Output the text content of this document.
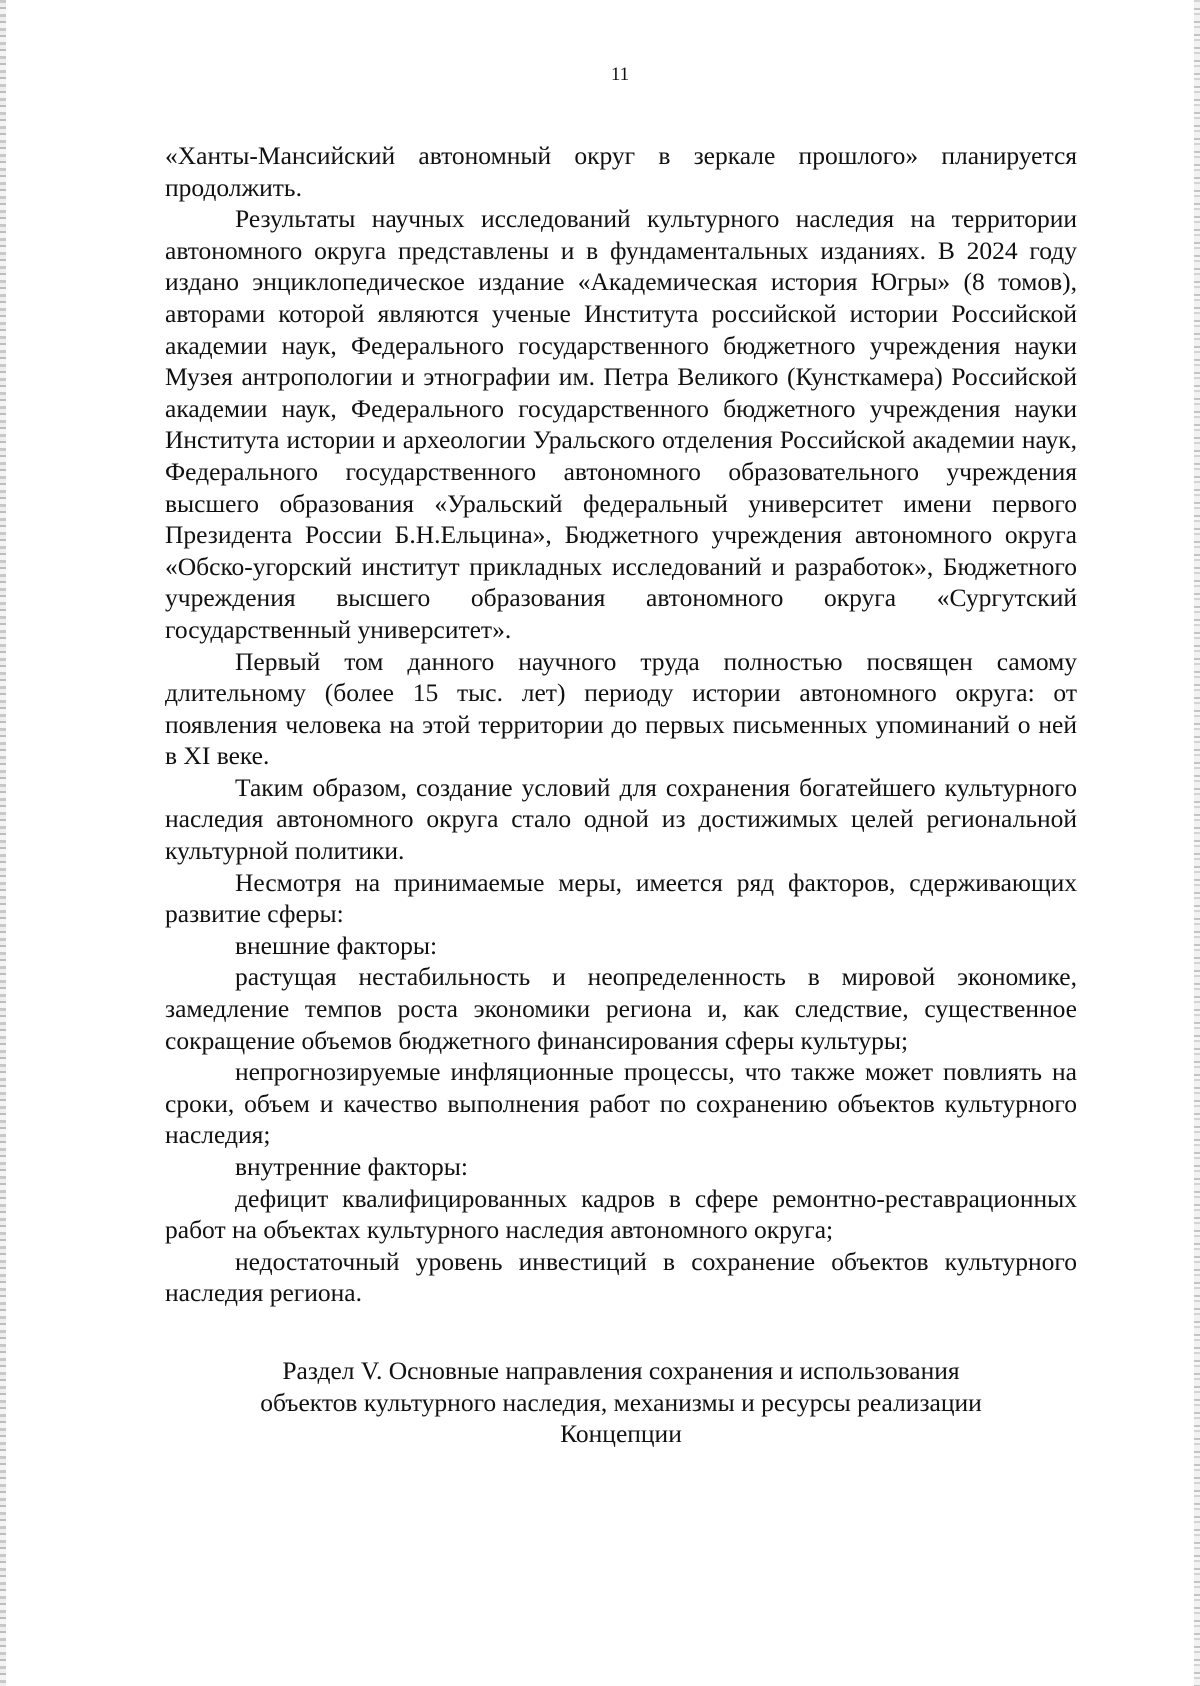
11

«Ханты-Мансийский автономный округ в зеркале прошлого» планируется продолжить.

Результаты научных исследований культурного наследия на территории автономного округа представлены и в фундаментальных изданиях. В 2024 году издано энциклопедическое издание «Академическая история Югры» (8 томов), авторами которой являются ученые Института российской истории Российской академии наук, Федерального государственного бюджетного учреждения науки Музея антропологии и этнографии им. Петра Великого (Кунсткамера) Российской академии наук, Федерального государственного бюджетного учреждения науки Института истории и археологии Уральского отделения Российской академии наук, Федерального государственного автономного образовательного учреждения высшего образования «Уральский федеральный университет имени первого Президента России Б.Н.Ельцина», Бюджетного учреждения автономного округа «Обско-угорский институт прикладных исследований и разработок», Бюджетного учреждения высшего образования автономного округа «Сургутский государственный университет».

Первый том данного научного труда полностью посвящен самому длительному (более 15 тыс. лет) периоду истории автономного округа: от появления человека на этой территории до первых письменных упоминаний о ней в XI веке.

Таким образом, создание условий для сохранения богатейшего культурного наследия автономного округа стало одной из достижимых целей региональной культурной политики.

Несмотря на принимаемые меры, имеется ряд факторов, сдерживающих развитие сферы:

внешние факторы:

растущая нестабильность и неопределенность в мировой экономике, замедление темпов роста экономики региона и, как следствие, существенное сокращение объемов бюджетного финансирования сферы культуры;

непрогнозируемые инфляционные процессы, что также может повлиять на сроки, объем и качество выполнения работ по сохранению объектов культурного наследия;

внутренние факторы:

дефицит квалифицированных кадров в сфере ремонтно-реставрационных работ на объектах культурного наследия автономного округа;

недостаточный уровень инвестиций в сохранение объектов культурного наследия региона.

Раздел V. Основные направления сохранения и использования
объектов культурного наследия, механизмы и ресурсы реализации
Концепции
